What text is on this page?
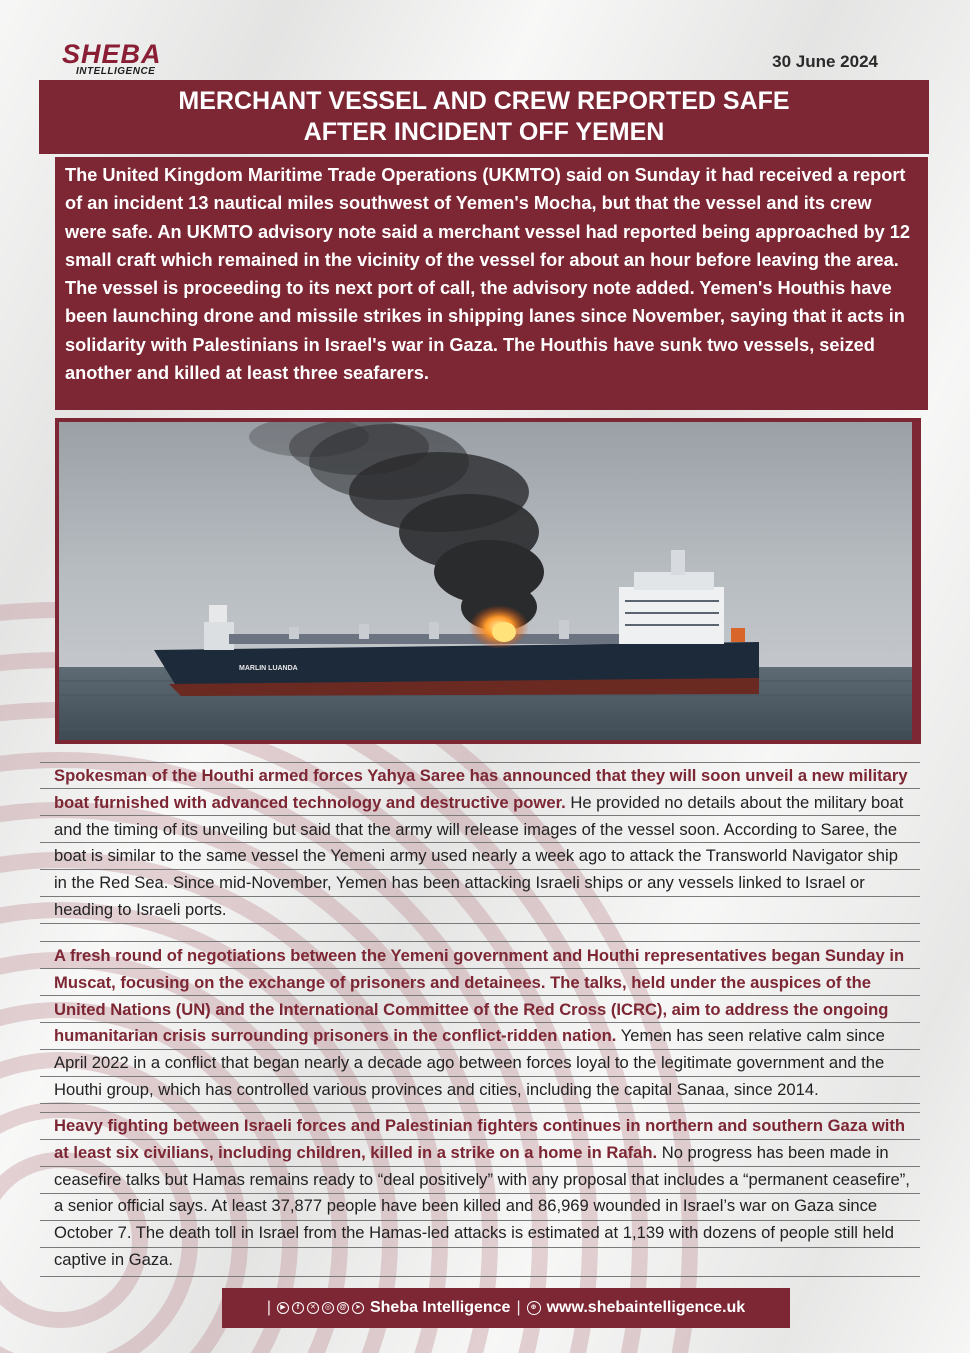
SHEBA
INTELLIGENCE
30 June 2024
MERCHANT VESSEL AND CREW REPORTED SAFE
AFTER INCIDENT OFF YEMEN

The United Kingdom Maritime Trade Operations (UKMTO) said on Sunday it had received a report of an incident 13 nautical miles southwest of Yemen's Mocha, but that the vessel and its crew were safe. An UKMTO advisory note said a merchant vessel had reported being approached by 12 small craft which remained in the vicinity of the vessel for about an hour before leaving the area. The vessel is proceeding to its next port of call, the advisory note added. Yemen's Houthis have been launching drone and missile strikes in shipping lanes since November, saying that it acts in solidarity with Palestinians in Israel's war in Gaza. The Houthis have sunk two vessels, seized another and killed at least three seafarers.

MARLIN LUANDA

Spokesman of the Houthi armed forces Yahya Saree has announced that they will soon unveil a new military boat furnished with advanced technology and destructive power. He provided no details about the military boat and the timing of its unveiling but said that the army will release images of the vessel soon. According to Saree, the boat is similar to the same vessel the Yemeni army used nearly a week ago to attack the Transworld Navigator ship in the Red Sea. Since mid-November, Yemen has been attacking Israeli ships or any vessels linked to Israel or heading to Israeli ports.

A fresh round of negotiations between the Yemeni government and Houthi representatives began Sunday in Muscat, focusing on the exchange of prisoners and detainees. The talks, held under the auspices of the United Nations (UN) and the International Committee of the Red Cross (ICRC), aim to address the ongoing humanitarian crisis surrounding prisoners in the conflict-ridden nation. Yemen has seen relative calm since April 2022 in a conflict that began nearly a decade ago between forces loyal to the legitimate government and the Houthi group, which has controlled various provinces and cities, including the capital Sanaa, since 2014.

Heavy fighting between Israeli forces and Palestinian fighters continues in northern and southern Gaza with at least six civilians, including children, killed in a strike on a home in Rafah. No progress has been made in ceasefire talks but Hamas remains ready to “deal positively” with any proposal that includes a “permanent ceasefire”, a senior official says. At least 37,877 people have been killed and 86,969 wounded in Israel’s war on Gaza since October 7. The death toll in Israel from the Hamas-led attacks is estimated at 1,139 with dozens of people still held captive in Gaza.

|	▶	f	✕	◎	@	➤ Sheba Intelligence |	⊕ www.shebaintelligence.uk
